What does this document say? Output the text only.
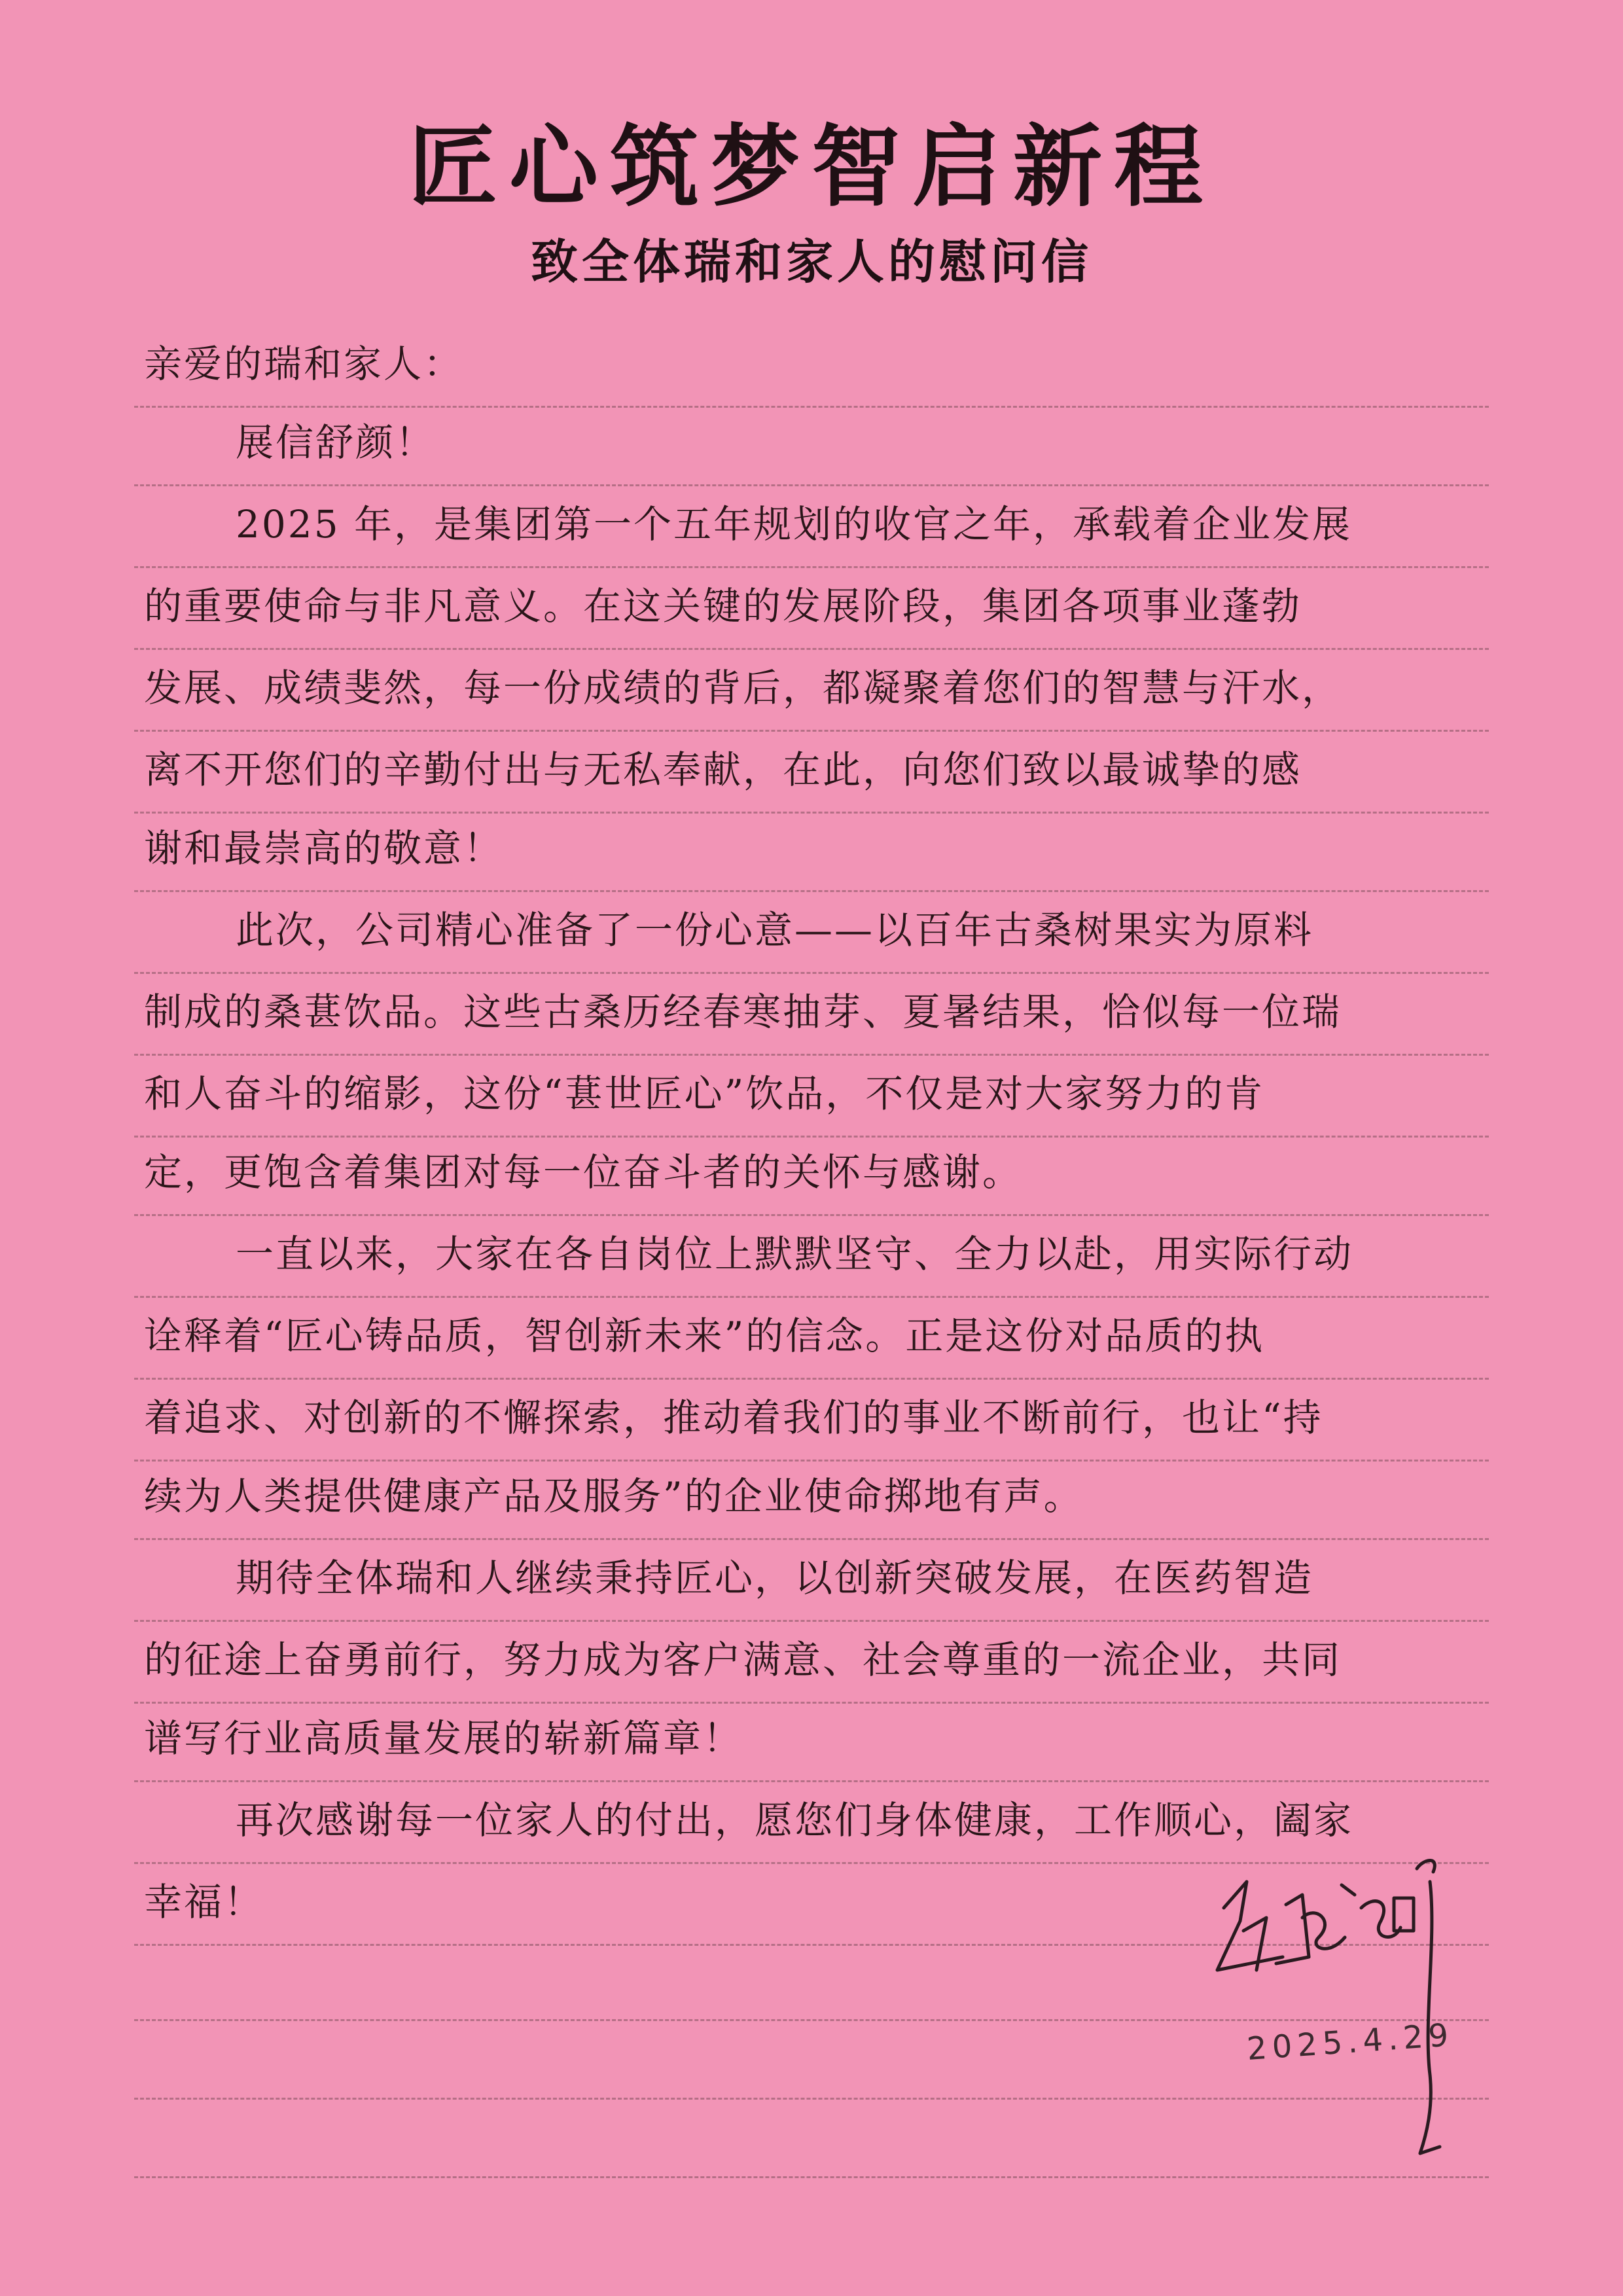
匠心筑梦智启新程
致全体瑞和家人的慰问信
亲爱的瑞和家人：
展信舒颜！
2025 年，是集团第一个五年规划的收官之年，承载着企业发展
的重要使命与非凡意义。在这关键的发展阶段，集团各项事业蓬勃
发展、成绩斐然，每一份成绩的背后，都凝聚着您们的智慧与汗水，
离不开您们的辛勤付出与无私奉献，在此，向您们致以最诚挚的感
谢和最崇高的敬意！
此次，公司精心准备了一份心意——以百年古桑树果实为原料
制成的桑葚饮品。这些古桑历经春寒抽芽、夏暑结果，恰似每一位瑞
和人奋斗的缩影，这份“葚世匠心”饮品，不仅是对大家努力的肯
定，更饱含着集团对每一位奋斗者的关怀与感谢。
一直以来，大家在各自岗位上默默坚守、全力以赴，用实际行动
诠释着“匠心铸品质，智创新未来”的信念。正是这份对品质的执
着追求、对创新的不懈探索，推动着我们的事业不断前行，也让“持
续为人类提供健康产品及服务”的企业使命掷地有声。
期待全体瑞和人继续秉持匠心，以创新突破发展，在医药智造
的征途上奋勇前行，努力成为客户满意、社会尊重的一流企业，共同
谱写行业高质量发展的崭新篇章！
再次感谢每一位家人的付出，愿您们身体健康，工作顺心，阖家
幸福！
2025.4.29
